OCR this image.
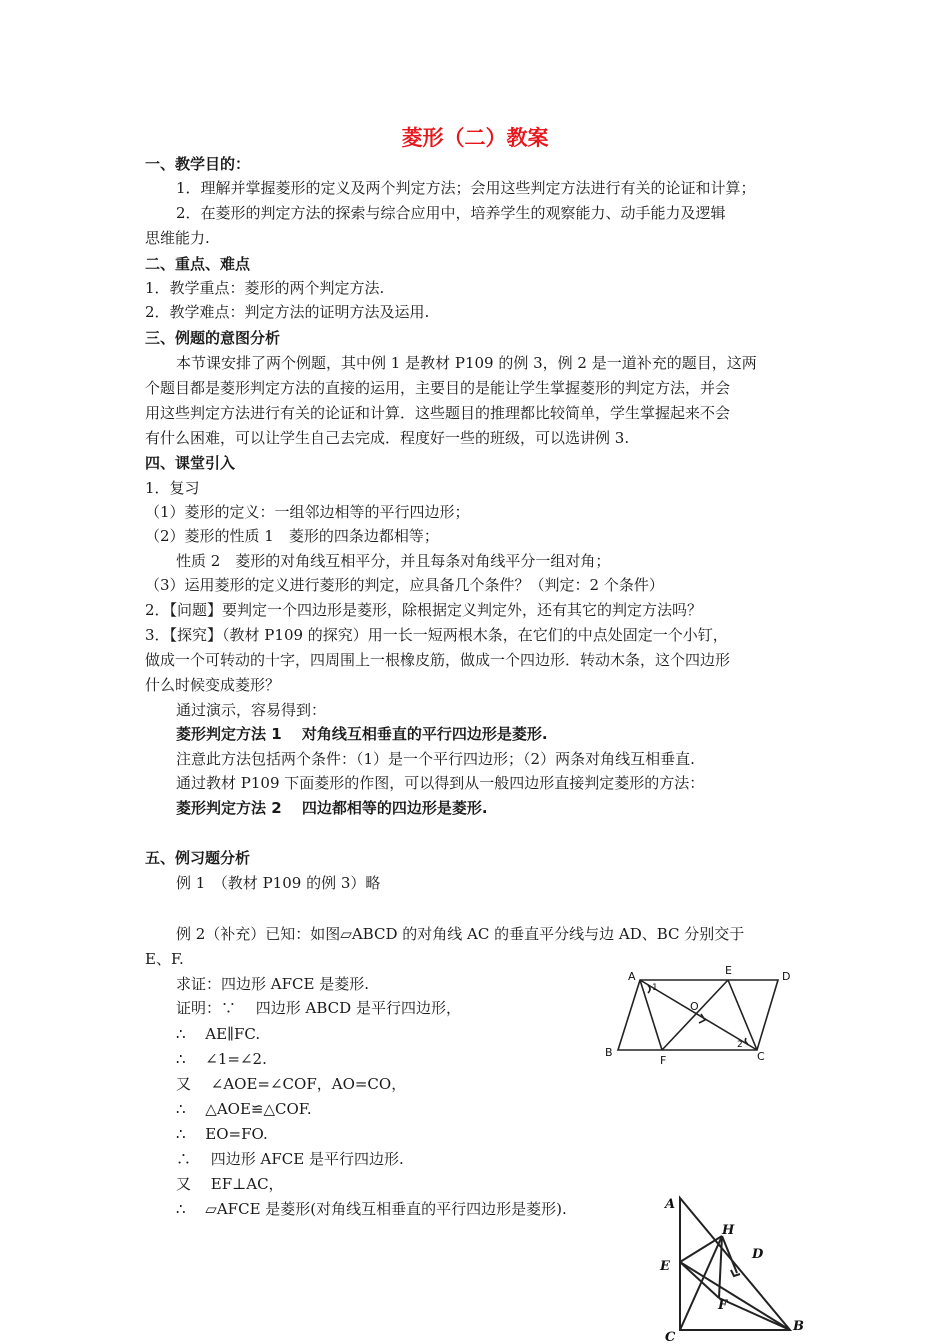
菱形（二）教案
一、教学目的：
1．理解并掌握菱形的定义及两个判定方法；会用这些判定方法进行有关的论证和计算；
2．在菱形的判定方法的探索与综合应用中，培养学生的观察能力、动手能力及逻辑
思维能力.
二、重点、难点
1．教学重点：菱形的两个判定方法.
2．教学难点：判定方法的证明方法及运用.
三、例题的意图分析
本节课安排了两个例题，其中例 1 是教材 P109 的例 3，例 2 是一道补充的题目，这两
个题目都是菱形判定方法的直接的运用，主要目的是能让学生掌握菱形的判定方法，并会
用这些判定方法进行有关的论证和计算．这些题目的推理都比较简单，学生掌握起来不会
有什么困难，可以让学生自己去完成．程度好一些的班级，可以选讲例 3.
四、课堂引入
1．复习
（1）菱形的定义：一组邻边相等的平行四边形；
（2）菱形的性质 1　菱形的四条边都相等；
性质 2　菱形的对角线互相平分，并且每条对角线平分一组对角；
（3）运用菱形的定义进行菱形的判定，应具备几个条件？（判定：2 个条件）
2．【问题】要判定一个四边形是菱形，除根据定义判定外，还有其它的判定方法吗？
3．【探究】（教材 P109 的探究）用一长一短两根木条，在它们的中点处固定一个小钉，
做成一个可转动的十字，四周围上一根橡皮筋，做成一个四边形．转动木条，这个四边形
什么时候变成菱形？
通过演示，容易得到：
菱形判定方法 1　 对角线互相垂直的平行四边形是菱形.
注意此方法包括两个条件：（1）是一个平行四边形；（2）两条对角线互相垂直.
通过教材 P109 下面菱形的作图，可以得到从一般四边形直接判定菱形的方法：
菱形判定方法 2　 四边都相等的四边形是菱形.
五、例习题分析
例 1　（教材 P109 的例 3）略
例 2（补充）已知：如图▱ABCD 的对角线 AC 的垂直平分线与边 AD、BC 分别交于
E、F.
求证：四边形 AFCE 是菱形.
证明：∵　 四边形 ABCD 是平行四边形，
∴　 AE∥FC.
∴　 ∠1=∠2.
又　 ∠AOE=∠COF，AO=CO，
∴　 △AOE≌△COF.
∴　 EO=FO.
∴　 四边形 AFCE 是平行四边形.
又　 EF⊥AC，
∴　 ▱AFCE 是菱形(对角线互相垂直的平行四边形是菱形).
A	E	D
O
B
F	C
1
2
A
H
D
E
F
C
B
